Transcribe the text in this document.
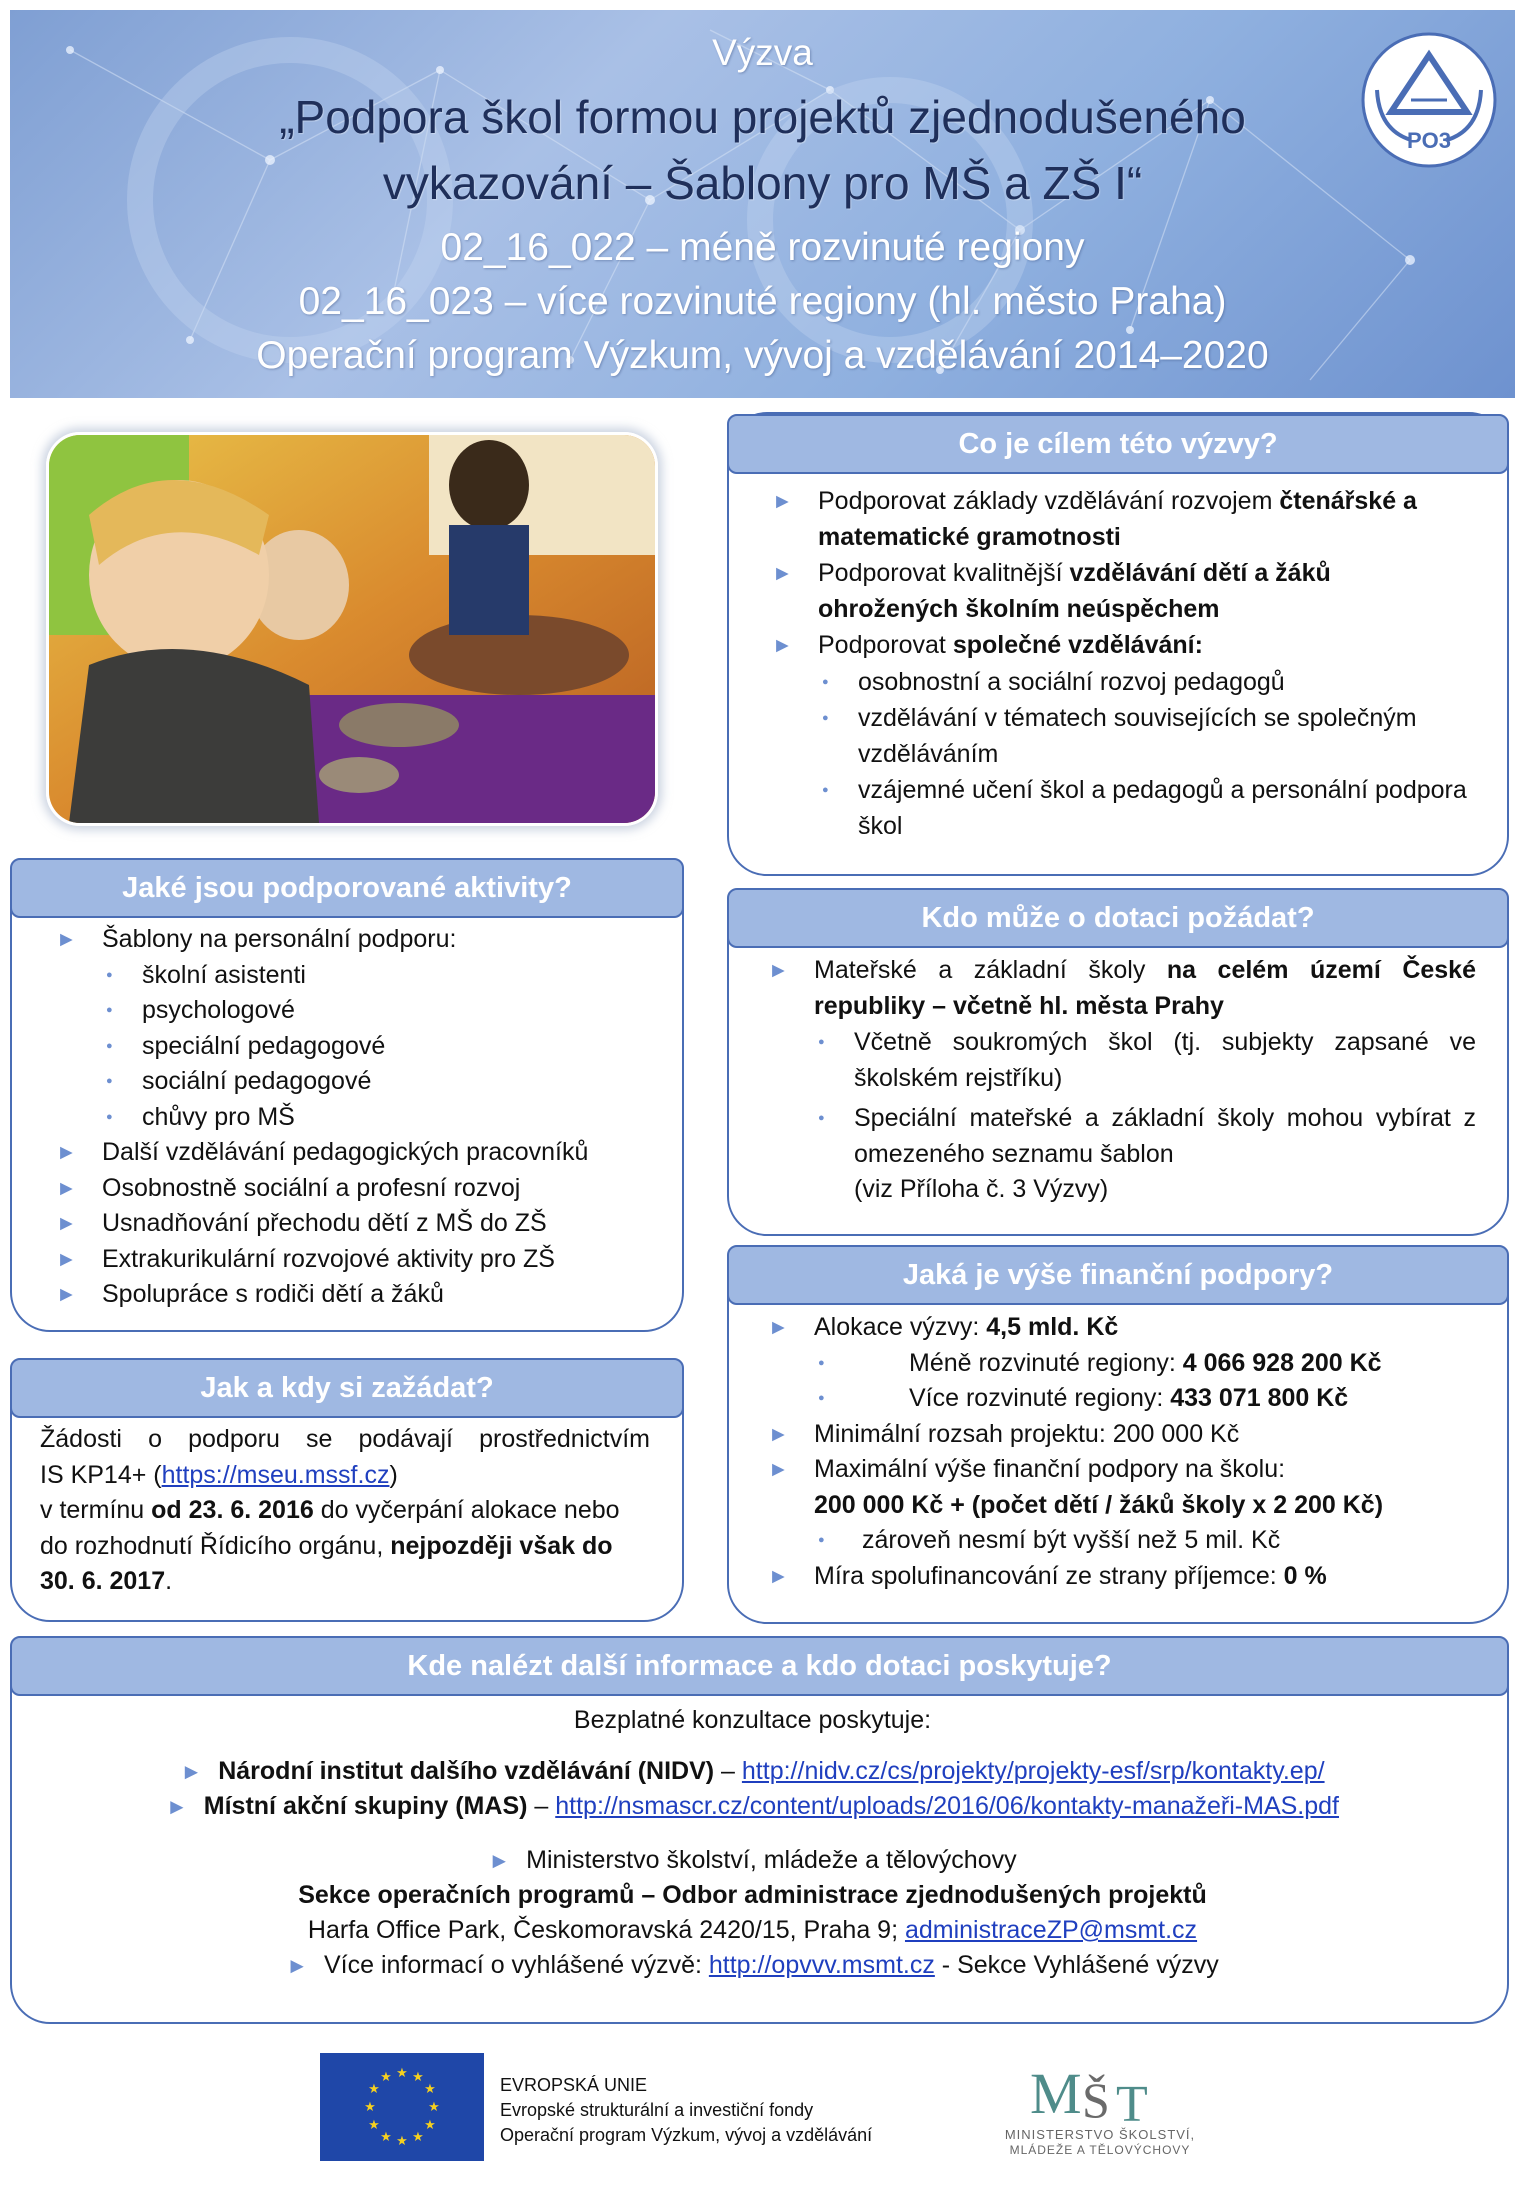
Výzva
„Podpora škol formou projektů zjednodušeného
vykazování – Šablony pro MŠ a ZŠ I“
02_16_022 – méně rozvinuté regiony
02_16_023 – více rozvinuté regiony (hl. město Praha)
Operační program Výzkum, vývoj a vzdělávání 2014–2020
PO3
Co je cílem této výzvy?
► Podporovat základy vzdělávání rozvojem čtenářské a matematické gramotnosti
► Podporovat kvalitnější vzdělávání dětí a žáků ohrožených školním neúspěchem
► Podporovat společné vzdělávání:
● osobnostní a sociální rozvoj pedagogů
● vzdělávání v tématech souvisejících se společným vzděláváním
● vzájemné učení škol a pedagogů a personální podpora škol
Jaké jsou podporované aktivity?
► Šablony na personální podporu:
● školní asistenti
● psychologové
● speciální pedagogové
● sociální pedagogové
● chůvy pro MŠ
► Další vzdělávání pedagogických pracovníků
► Osobnostně sociální a profesní rozvoj
► Usnadňování přechodu dětí z MŠ do ZŠ
► Extrakurikulární rozvojové aktivity pro ZŠ
► Spolupráce s rodiči dětí a žáků
Kdo může o dotaci požádat?
► Mateřské a základní školy na celém území České republiky – včetně hl. města Prahy
● Včetně soukromých škol (tj. subjekty zapsané ve školském rejstříku)
● Speciální mateřské a základní školy mohou vybírat z omezeného seznamu šablon
(viz Příloha č. 3 Výzvy)
Jak a kdy si zažádat?
Žádosti o podporu se podávají prostřednictvím
IS KP14+ (https://mseu.mssf.cz)
v termínu od 23. 6. 2016 do vyčerpání alokace nebo
do rozhodnutí Řídicího orgánu, nejpozději však do
30. 6. 2017.
Jaká je výše finanční podpory?
► Alokace výzvy: 4,5 mld. Kč
● Méně rozvinuté regiony: 4 066 928 200 Kč
● Více rozvinuté regiony: 433 071 800 Kč
► Minimální rozsah projektu: 200 000 Kč
► Maximální výše finanční podpory na školu:
200 000 Kč + (počet dětí / žáků školy x 2 200 Kč)
● zároveň nesmí být vyšší než 5 mil. Kč
► Míra spolufinancování ze strany příjemce: 0 %
Kde nalézt další informace a kdo dotaci poskytuje?
Bezplatné konzultace poskytuje:
► Národní institut dalšího vzdělávání (NIDV) – http://nidv.cz/cs/projekty/projekty-esf/srp/kontakty.ep/
► Místní akční skupiny (MAS) – http://nsmascr.cz/content/uploads/2016/06/kontakty-manažeři-MAS.pdf
► Ministerstvo školství, mládeže a tělovýchovy
Sekce operačních programů – Odbor administrace zjednodušených projektů
Harfa Office Park, Českomoravská 2420/15, Praha 9; administraceZP@msmt.cz
► Více informací o vyhlášené výzvě: http://opvvv.msmt.cz - Sekce Vyhlášené výzvy
★ ★
★
★
★
★
★
★
★
★
★
★	EVROPSKÁ UNIE
Evropské strukturální a investiční fondy
Operační program Výzkum, vývoj a vzdělávání
M Š T
MINISTERSTVO ŠKOLSTVÍ,
MLÁDEŽE A TĚLOVÝCHOVY
